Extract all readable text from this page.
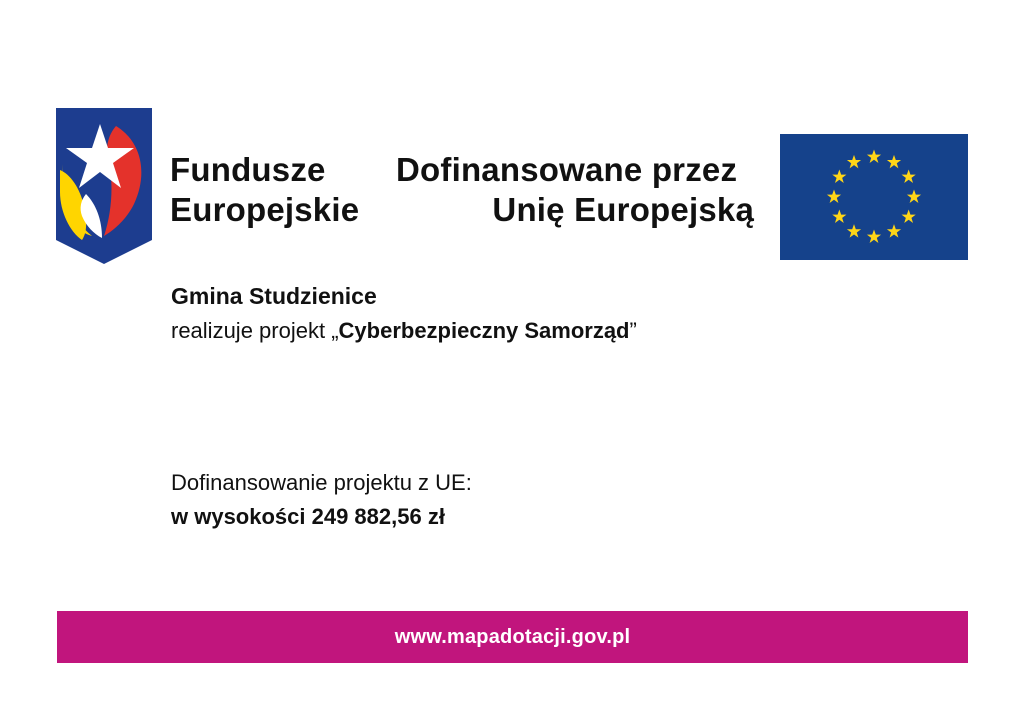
Fundusze
Europejskie
Dofinansowane przez
Unię Europejską
Gmina Studzienice
realizuje projekt „Cyberbezpieczny Samorząd”
Dofinansowanie projektu z UE:
w wysokości 249 882,56 zł
www.mapadotacji.gov.pl
